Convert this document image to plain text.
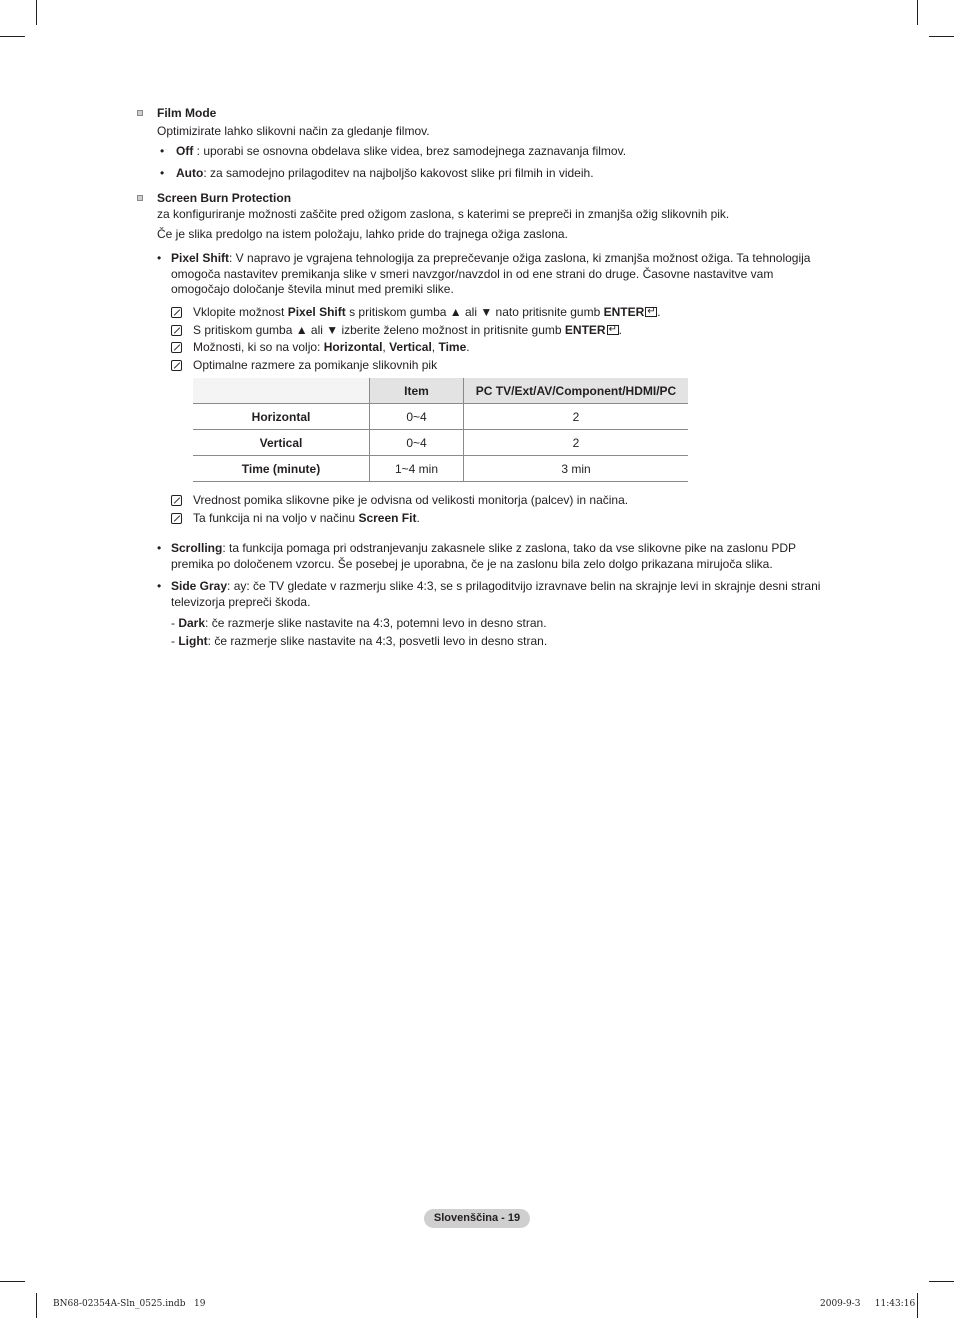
Film Mode
Optimizirate lahko slikovni način za gledanje filmov.
• Off : uporabi se osnovna obdelava slike videa, brez samodejnega zaznavanja filmov.
• Auto: za samodejno prilagoditev na najboljšo kakovost slike pri filmih in videih.
Screen Burn Protection
za konfiguriranje možnosti zaščite pred ožigom zaslona, s katerimi se prepreči in zmanjša ožig slikovnih pik.
Če je slika predolgo na istem položaju, lahko pride do trajnega ožiga zaslona.
• Pixel Shift: V napravo je vgrajena tehnologija za preprečevanje ožiga zaslona, ki zmanjša možnost ožiga. Ta tehnologija
omogoča nastavitev premikanja slike v smeri navzgor/navzdol in od ene strani do druge. Časovne nastavitve vam
omogočajo določanje števila minut med premiki slike.
Vklopite možnost Pixel Shift s pritiskom gumba ▲ ali ▼ nato pritisnite gumb ENTER ↵ .
S pritiskom gumba ▲ ali ▼ izberite želeno možnost in pritisnite gumb ENTER ↵ .
Možnosti, ki so na voljo: Horizontal, Vertical, Time.
Optimalne razmere za pomikanje slikovnih pik
	Item	PC TV/Ext/AV/Component/HDMI/PC
Horizontal	0~4	2
Vertical	0~4	2
Time (minute)	1~4 min	3 min
Vrednost pomika slikovne pike je odvisna od velikosti monitorja (palcev) in načina.
Ta funkcija ni na voljo v načinu Screen Fit.
• Scrolling: ta funkcija pomaga pri odstranjevanju zakasnele slike z zaslona, tako da vse slikovne pike na zaslonu PDP
premika po določenem vzorcu. Še posebej je uporabna, če je na zaslonu bila zelo dolgo prikazana mirujoča slika.
• Side Gray: ay: če TV gledate v razmerju slike 4:3, se s prilagoditvijo izravnave belin na skrajnje levi in skrajnje desni strani
televizorja prepreči škoda.
- Dark: če razmerje slike nastavite na 4:3, potemni levo in desno stran.
- Light: če razmerje slike nastavite na 4:3, posvetli levo in desno stran.
Slovenščina - 19
BN68-02354A-Sln_0525.indb   19	2009-9-3     11:43:16
